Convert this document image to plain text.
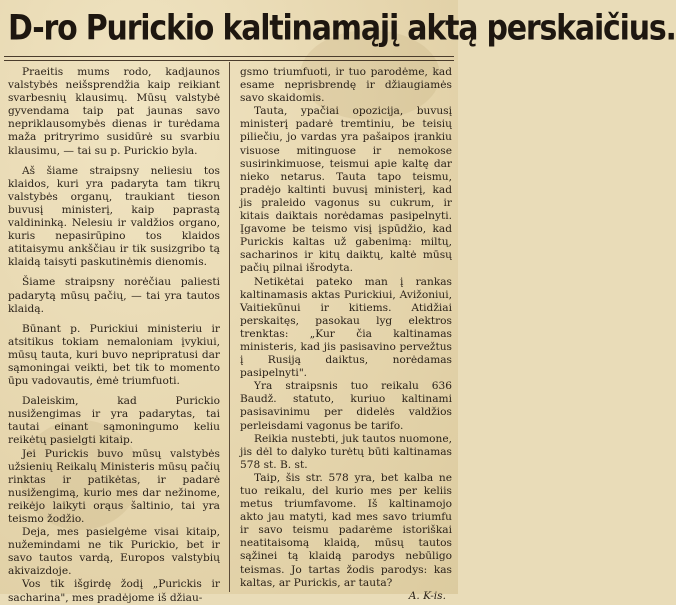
D-ro Purickio kaltinamąjį aktą perskaičius.

Praeitis mums rodo, kadjaunos valstybės neišsprendžia kaip reikiant svarbesnių klausimų. Mūsų valstybė gyvendama taip pat jaunas savo nepriklausomybės dienas ir turėdama maža pritryrimo susidūrė su svarbiu klausimu, — tai su p. Purickio byla.

Aš šiame straipsny neliesiu tos klaidos, kuri yra padaryta tam tikrų valstybės organų, traukiant tieson buvusį ministerį, kaip paprastą valdininką. Nelesiu ir valdžios organo, kuris nepasirūpino tos klaidos atitaisymu ankščiau ir tik susizgribo tą klaidą taisyti paskutinėmis dienomis.

Šiame straipsny norėčiau paliesti padarytą mūsų pačių, — tai yra tautos klaidą.

Būnant p. Purickiui ministeriu ir atsitikus tokiam nemaloniam įvykiui, mūsų tauta, kuri buvo nepripratusi dar sąmoningai veikti, bet tik to momento ūpu vadovautis, ėmė triumfuoti.

Daleiskim, kad Purickio nusižengimas ir yra padarytas, tai tautai einant sąmoningumo keliu reikėtų pasielgti kitaip.

Jei Purickis buvo mūsų valstybės užsienių Reikalų Ministeris mūsų pačių rinktas ir patikėtas, ir padarė nusižengimą, kurio mes dar nežinome, reikėjo laikyti orąus šaltinio, tai yra teismo žodžio.

Deja, mes pasielgėme visai kitaip, nužemindami ne tik Purickio, bet ir savo tautos vardą, Europos valstybių akivaizdoje.

Vos tik išgirdę žodį „Purickis ir sacharina", mes pradėjome iš džiau-

gsmo triumfuoti, ir tuo parodėme, kad esame neprisbrendę ir džiaugiamės savo skaidomis.

Tauta, ypačiai opozicija, buvusį ministerį padarė tremtiniu, be teisių piliečiu, jo vardas yra pašaipos įrankiu visuose mitinguose ir nemokose susirinkimuose, teismui apie kaltę dar nieko netarus. Tauta tapo teismu, pradėjo kaltinti buvusį ministerį, kad jis praleido vagonus su cukrum, ir kitais daiktais norėdamas pasipelnyti. Įgavome be teismo visį įspūdžio, kad Purickis kaltas už gabenimą: miltų, sacharinos ir kitų daiktų, kaltė mūsų pačių pilnai išrodyta.

Netikėtai pateko man į rankas kaltinamasis aktas Purickiui, Avižoniui, Vaitiekūnui ir kitiems. Atidžiai perskaitęs, pasokau lyg elektros trenktas: „Kur čia kaltinamas ministeris, kad jis pasisavino pervežtus į Rusiją daiktus, norėdamas pasipelnyti".

Yra straipsnis tuo reikalu 636 Baudž. statuto, kuriuo kaltinami pasisavinimu per didelės valdžios perleisdami vagonus be tarifo.

Reikia nustebti, juk tautos nuomone, jis dėl to dalyko turėtų būti kaltinamas 578 st. B. st.

Taip, šis str. 578 yra, bet kalba ne tuo reikalu, del kurio mes per keliis metus triumfavome. Iš kaltinamojo akto jau matyti, kad mes savo triumfu ir savo teismu padarėme istoriškai neatitaisomą klaidą, mūsų tautos sąžinei tą klaidą parodys nebūligo teismas. Jo tartas žodis parodys: kas kaltas, ar Purickis, ar tauta?

A. K-is.
